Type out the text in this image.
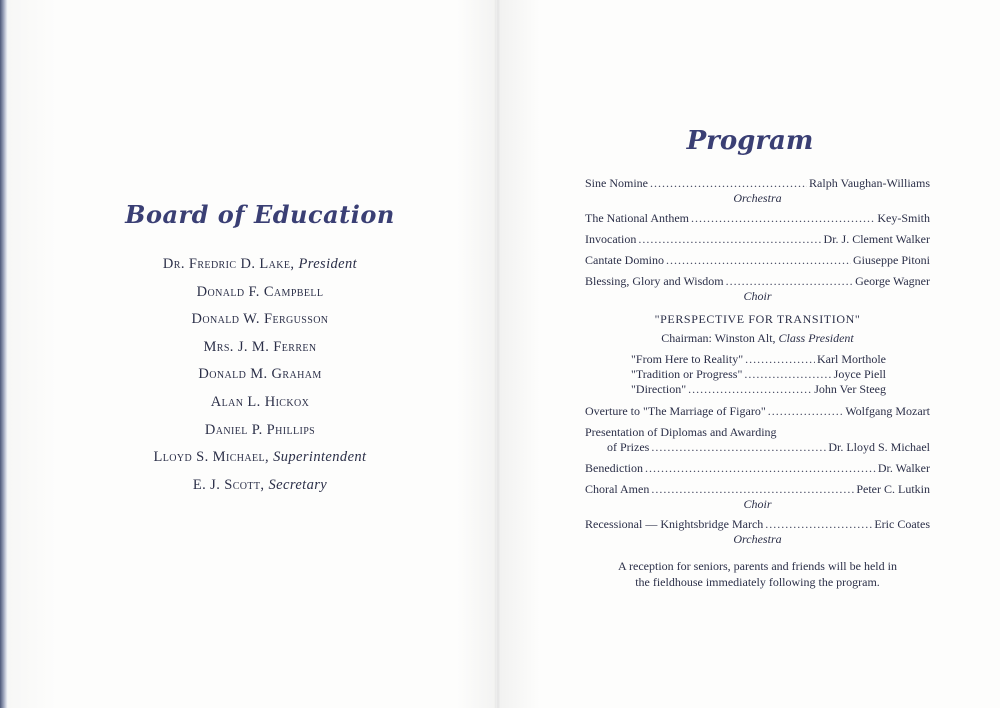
Board of Education
Dr. Fredric D. Lake, President
Donald F. Campbell
Donald W. Fergusson
Mrs. J. M. Ferren
Donald M. Graham
Alan L. Hickox
Daniel P. Phillips
Lloyd S. Michael, Superintendent
E. J. Scott, Secretary
Program
Sine Nomine . . .	Ralph Vaughan-Williams
Orchestra
The National Anthem . . .	Key-Smith
Invocation . . .	Dr. J. Clement Walker
Cantate Domino . . .	Giuseppe Pitoni
Blessing, Glory and Wisdom . . .	George Wagner
Choir
"PERSPECTIVE FOR TRANSITION"
Chairman: Winston Alt, Class President
"From Here to Reality" . . .	Karl Morthole
"Tradition or Progress" . . .	Joyce Piell
"Direction" . . .	John Ver Steeg
Overture to "The Marriage of Figaro" . . .	Wolfgang Mozart
Presentation of Diplomas and Awarding
of Prizes . . .	Dr. Lloyd S. Michael
Benediction . . .	Dr. Walker
Choral Amen . . .	Peter C. Lutkin
Choir
Recessional — Knightsbridge March . . .	Eric Coates
Orchestra
A reception for seniors, parents and friends will be held in
the fieldhouse immediately following the program.
